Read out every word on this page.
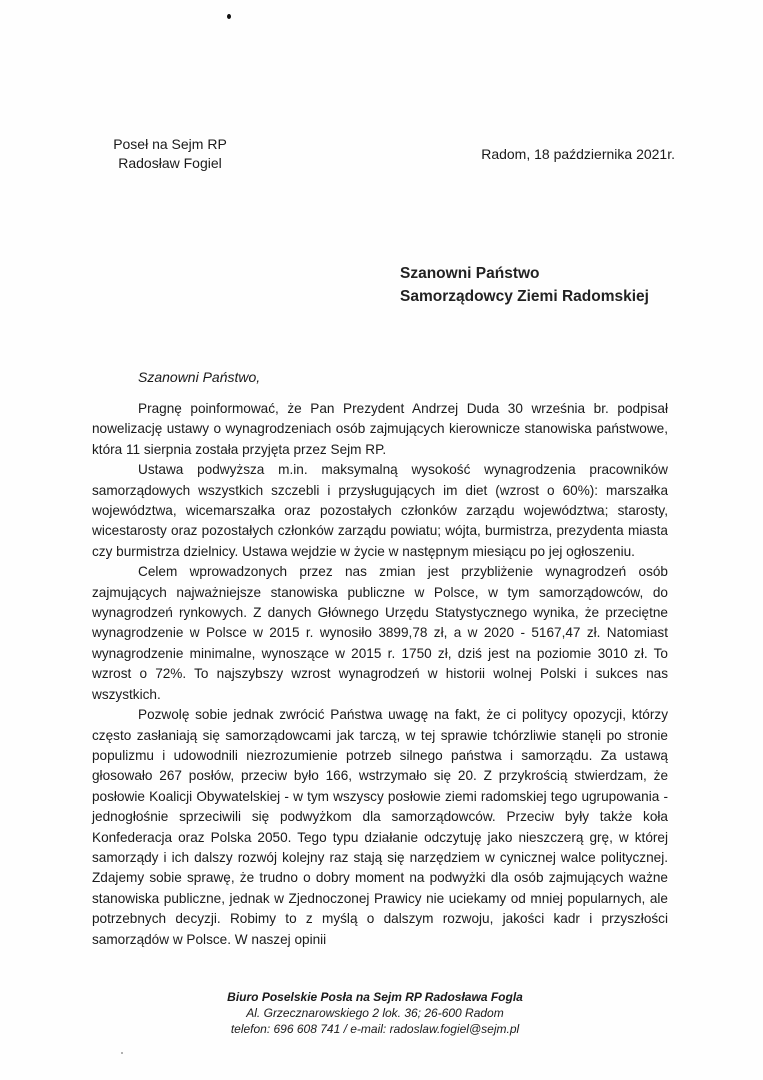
Poseł na Sejm RP
Radosław Fogiel
Radom, 18 października 2021r.
Szanowni Państwo
Samorządowcy Ziemi Radomskiej
Szanowni Państwo,

Pragnę poinformować, że Pan Prezydent Andrzej Duda 30 września br. podpisał nowelizację ustawy o wynagrodzeniach osób zajmujących kierownicze stanowiska państwowe, która 11 sierpnia została przyjęta przez Sejm RP.

Ustawa podwyższa m.in. maksymalną wysokość wynagrodzenia pracowników samorządowych wszystkich szczebli i przysługujących im diet (wzrost o 60%): marszałka województwa, wicemarszałka oraz pozostałych członków zarządu województwa; starosty, wicestarosty oraz pozostałych członków zarządu powiatu; wójta, burmistrza, prezydenta miasta czy burmistrza dzielnicy. Ustawa wejdzie w życie w następnym miesiącu po jej ogłoszeniu.

Celem wprowadzonych przez nas zmian jest przybliżenie wynagrodzeń osób zajmujących najważniejsze stanowiska publiczne w Polsce, w tym samorządowców, do wynagrodzeń rynkowych. Z danych Głównego Urzędu Statystycznego wynika, że przeciętne wynagrodzenie w Polsce w 2015 r. wynosiło 3899,78 zł, a w 2020 - 5167,47 zł. Natomiast wynagrodzenie minimalne, wynoszące w 2015 r. 1750 zł, dziś jest na poziomie 3010 zł. To wzrost o 72%. To najszybszy wzrost wynagrodzeń w historii wolnej Polski i sukces nas wszystkich.

Pozwolę sobie jednak zwrócić Państwa uwagę na fakt, że ci politycy opozycji, którzy często zasłaniają się samorządowcami jak tarczą, w tej sprawie tchórzliwie stanęli po stronie populizmu i udowodnili niezrozumienie potrzeb silnego państwa i samorządu. Za ustawą głosowało 267 posłów, przeciw było 166, wstrzymało się 20. Z przykrością stwierdzam, że posłowie Koalicji Obywatelskiej - w tym wszyscy posłowie ziemi radomskiej tego ugrupowania - jednogłośnie sprzeciwili się podwyżkom dla samorządowców. Przeciw były także koła Konfederacja oraz Polska 2050. Tego typu działanie odczytuję jako nieszczerą grę, w której samorządy i ich dalszy rozwój kolejny raz stają się narzędziem w cynicznej walce politycznej. Zdajemy sobie sprawę, że trudno o dobry moment na podwyżki dla osób zajmujących ważne stanowiska publiczne, jednak w Zjednoczonej Prawicy nie uciekamy od mniej popularnych, ale potrzebnych decyzji. Robimy to z myślą o dalszym rozwoju, jakości kadr i przyszłości samorządów w Polsce. W naszej opinii

Biuro Poselskie Posła na Sejm RP Radosława Fogla
Al. Grzecznarowskiego 2 lok. 36; 26-600 Radom
telefon: 696 608 741 / e-mail: radoslaw.fogiel@sejm.pl
